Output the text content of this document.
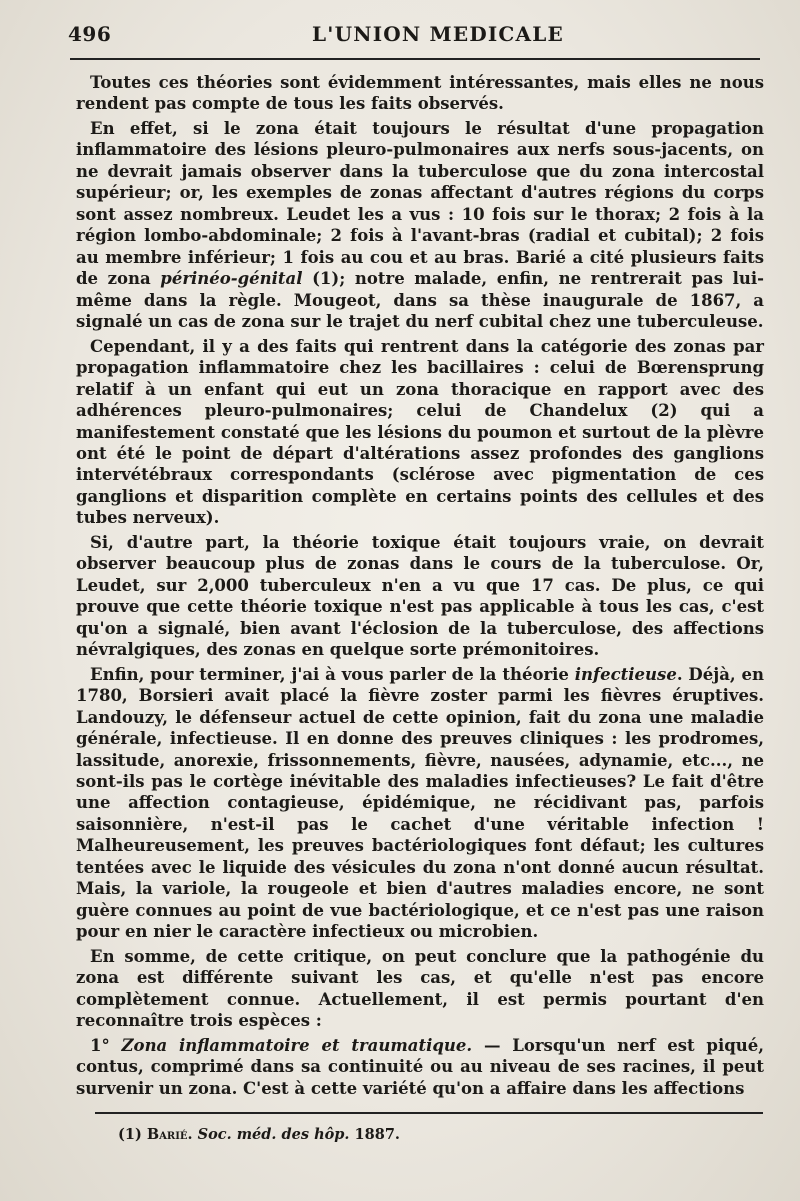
496	L'UNION MEDICALE

Toutes ces théories sont évidemment intéressantes, mais elles ne nous rendent pas compte de tous les faits observés.

En effet, si le zona était toujours le résultat d'une propagation inflammatoire des lésions pleuro-pulmonaires aux nerfs sous-jacents, on ne devrait jamais observer dans la tuberculose que du zona intercostal supérieur; or, les exemples de zonas affectant d'autres régions du corps sont assez nombreux. Leudet les a vus : 10 fois sur le thorax; 2 fois à la région lombo-abdominale; 2 fois à l'avant-bras (radial et cubital); 2 fois au membre inférieur; 1 fois au cou et au bras. Barié a cité plusieurs faits de zona périnéo-génital (1); notre malade, enfin, ne rentrerait pas lui-même dans la règle. Mougeot, dans sa thèse inaugurale de 1867, a signalé un cas de zona sur le trajet du nerf cubital chez une tuberculeuse.

Cependant, il y a des faits qui rentrent dans la catégorie des zonas par propagation inflammatoire chez les bacillaires : celui de Bœrensprung relatif à un enfant qui eut un zona thoracique en rapport avec des adhérences pleuro-pulmonaires; celui de Chandelux (2) qui a manifestement constaté que les lésions du poumon et surtout de la plèvre ont été le point de départ d'altérations assez profondes des ganglions intervétébraux correspondants (sclérose avec pigmentation de ces ganglions et disparition complète en certains points des cellules et des tubes nerveux).

Si, d'autre part, la théorie toxique était toujours vraie, on devrait observer beaucoup plus de zonas dans le cours de la tuberculose. Or, Leudet, sur 2,000 tuberculeux n'en a vu que 17 cas. De plus, ce qui prouve que cette théorie toxique n'est pas applicable à tous les cas, c'est qu'on a signalé, bien avant l'éclosion de la tuberculose, des affections névralgiques, des zonas en quelque sorte prémonitoires.

Enfin, pour terminer, j'ai à vous parler de la théorie infectieuse. Déjà, en 1780, Borsieri avait placé la fièvre zoster parmi les fièvres éruptives. Landouzy, le défenseur actuel de cette opinion, fait du zona une maladie générale, infectieuse. Il en donne des preuves cliniques : les prodromes, lassitude, anorexie, frissonnements, fièvre, nausées, adynamie, etc..., ne sont-ils pas le cortège inévitable des maladies infectieuses? Le fait d'être une affection contagieuse, épidémique, ne récidivant pas, parfois saisonnière, n'est-il pas le cachet d'une véritable infection ! Malheureusement, les preuves bactériologiques font défaut; les cultures tentées avec le liquide des vésicules du zona n'ont donné aucun résultat. Mais, la variole, la rougeole et bien d'autres maladies encore, ne sont guère connues au point de vue bactériologique, et ce n'est pas une raison pour en nier le caractère infectieux ou microbien.

En somme, de cette critique, on peut conclure que la pathogénie du zona est différente suivant les cas, et qu'elle n'est pas encore complètement connue. Actuellement, il est permis pourtant d'en reconnaître trois espèces :

1° Zona inflammatoire et traumatique. — Lorsqu'un nerf est piqué, contus, comprimé dans sa continuité ou au niveau de ses racines, il peut survenir un zona. C'est à cette variété qu'on a affaire dans les affections

(1) Barié. Soc. méd. des hôp. 1887.
